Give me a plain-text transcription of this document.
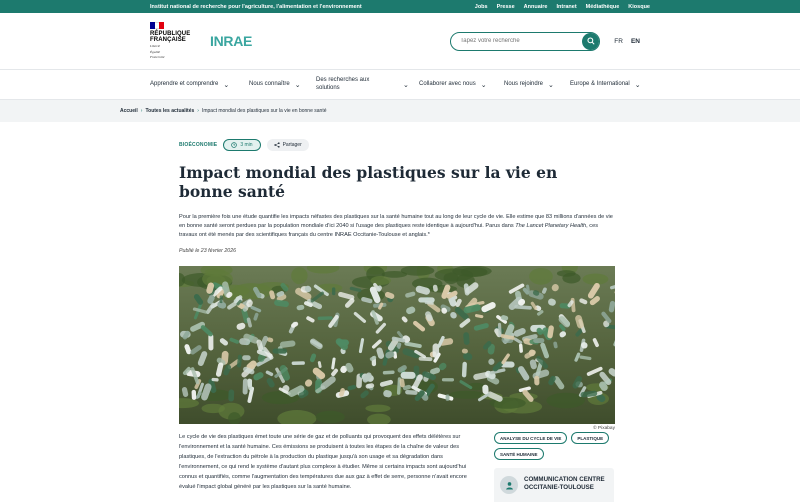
Institut national de recherche pour l'agriculture, l'alimentation et l'environnement	Jobs Presse Annuaire Intranet Médiathèque Kiosque
RÉPUBLIQUE
FRANÇAISE
Liberté
Égalité
Fraternité
INRAE
Tapez votre recherche	FR EN
Apprendre et comprendre ⌄	Nous connaître ⌄
Des recherches aux solutions	⌄ Collaborer avec nous ⌄	Nous rejoindre ⌄	Europe & International ⌄
Accueil › Toutes les actualités › Impact mondial des plastiques sur la vie en bonne santé
BIOÉCONOMIE	3 min	Partager
Impact mondial des plastiques sur la vie en bonne santé

Pour la première fois une étude quantifie les impacts néfastes des plastiques sur la santé humaine tout au long de leur cycle de vie. Elle estime que 83 millions d'années de vie en bonne santé seront perdues par la population mondiale d'ici 2040 si l'usage des plastiques reste identique à aujourd'hui. Parus dans The Lancet Planetary Health, ces travaux ont été menés par des scientifiques français du centre INRAE Occitanie-Toulouse et anglais.*

Publié le 23 février 2026

© Pixabay

Le cycle de vie des plastiques émet toute une série de gaz et de polluants qui provoquent des effets délétères sur l'environnement et la santé humaine. Ces émissions se produisent à toutes les étapes de la chaîne de valeur des plastiques, de l'extraction du pétrole à la production du plastique jusqu'à son usage et sa dégradation dans l'environnement, ce qui rend le système d'autant plus complexe à étudier. Même si certains impacts sont aujourd'hui connus et quantifiés, comme l'augmentation des températures due aux gaz à effet de serre, personne n'avait encore évalué l'impact global généré par les plastiques sur la santé humaine.

ANALYSE DU CYCLE DE VIE	PLASTIQUE
SANTÉ HUMAINE
COMMUNICATION CENTRE OCCITANIE-TOULOUSE
